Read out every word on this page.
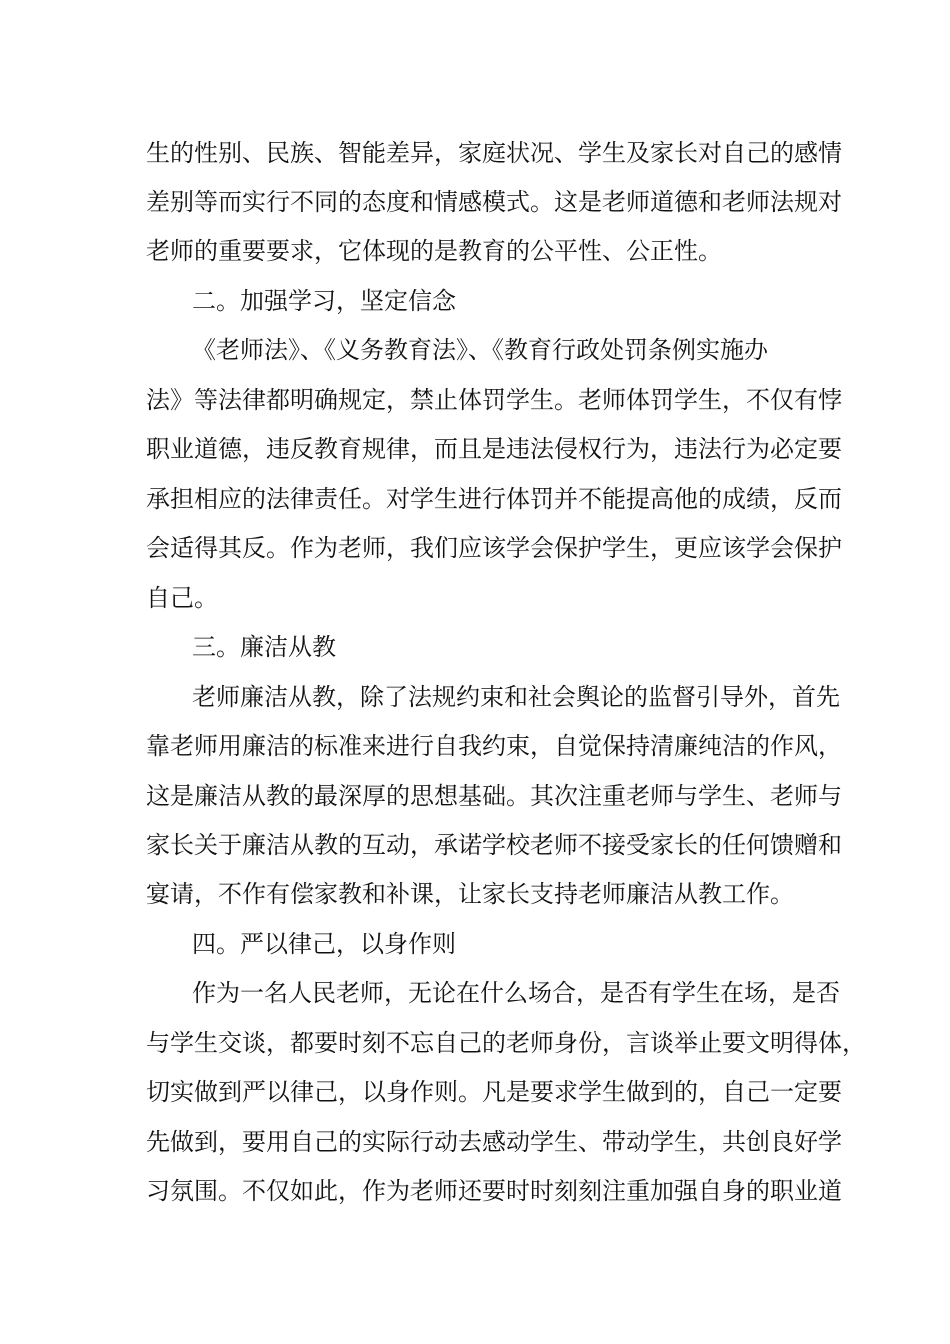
生的性别、民族、智能差异，家庭状况、学生及家长对自己的感情
差别等而实行不同的态度和情感模式。这是老师道德和老师法规对
老师的重要要求，它体现的是教育的公平性、公正性。
二。加强学习，坚定信念
《老师法》、《义务教育法》、《教育行政处罚条例实施办
法》等法律都明确规定，禁止体罚学生。老师体罚学生，不仅有悖
职业道德，违反教育规律，而且是违法侵权行为，违法行为必定要
承担相应的法律责任。对学生进行体罚并不能提高他的成绩，反而
会适得其反。作为老师，我们应该学会保护学生，更应该学会保护
自己。
三。廉洁从教
老师廉洁从教，除了法规约束和社会舆论的监督引导外，首先
靠老师用廉洁的标准来进行自我约束，自觉保持清廉纯洁的作风，
这是廉洁从教的最深厚的思想基础。其次注重老师与学生、老师与
家长关于廉洁从教的互动，承诺学校老师不接受家长的任何馈赠和
宴请，不作有偿家教和补课，让家长支持老师廉洁从教工作。
四。严以律己，以身作则
作为一名人民老师，无论在什么场合，是否有学生在场，是否
与学生交谈，都要时刻不忘自己的老师身份，言谈举止要文明得体，
切实做到严以律己，以身作则。凡是要求学生做到的，自己一定要
先做到，要用自己的实际行动去感动学生、带动学生，共创良好学
习氛围。不仅如此，作为老师还要时时刻刻注重加强自身的职业道
